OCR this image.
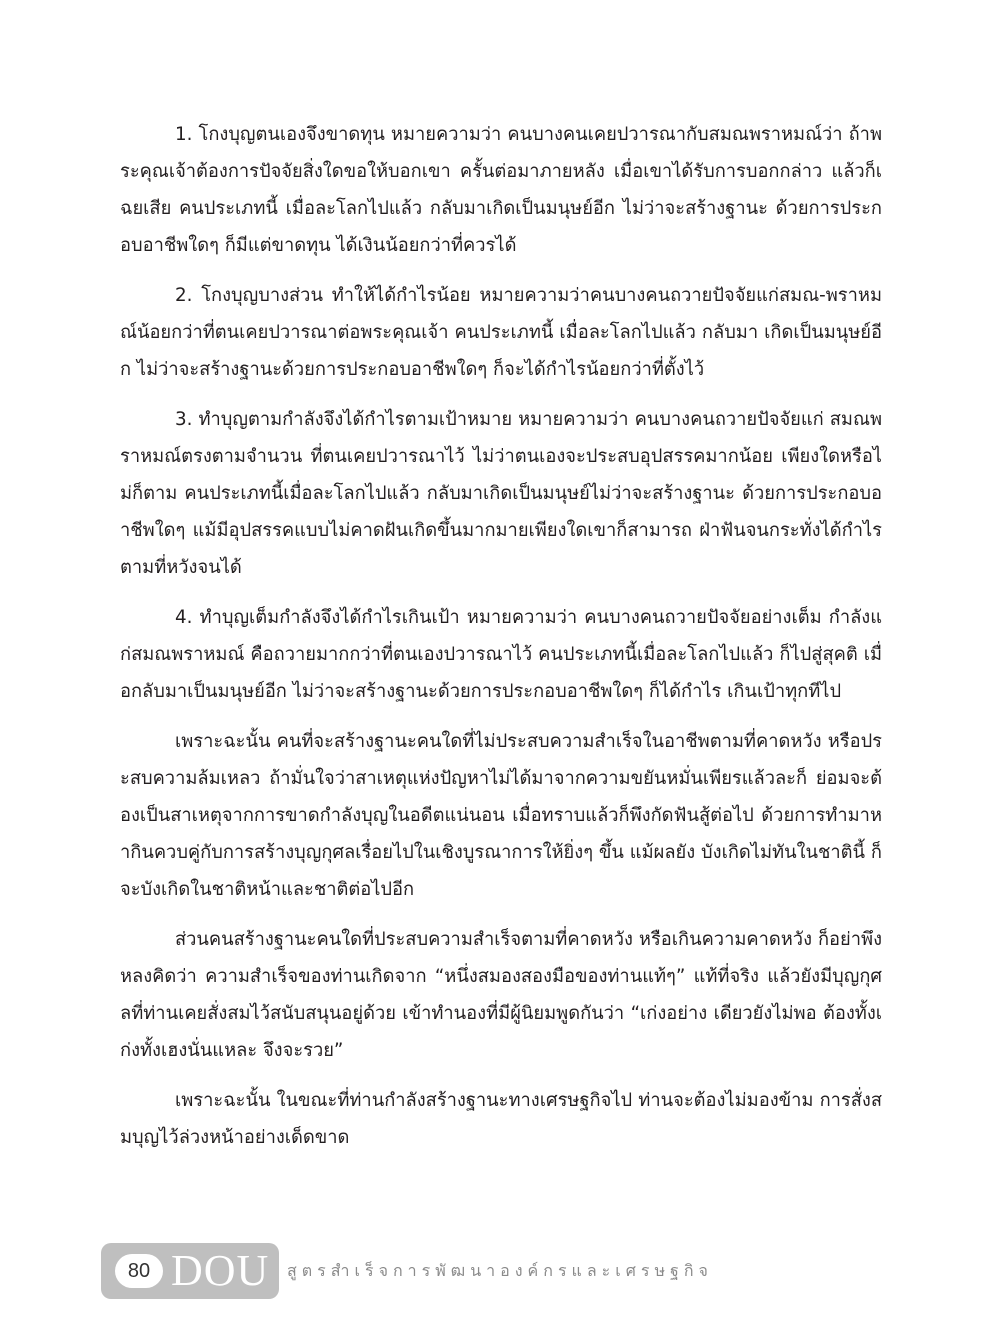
1. โกงบุญตนเองจึงขาดทุน หมายความว่า คนบางคนเคยปวารณากับสมณพราหมณ์ว่า ถ้าพระคุณเจ้าต้องการปัจจัยสิ่งใดขอให้บอกเขา ครั้นต่อมาภายหลัง เมื่อเขาได้รับการบอกกล่าว แล้วก็เฉยเสีย คนประเภทนี้ เมื่อละโลกไปแล้ว กลับมาเกิดเป็นมนุษย์อีก ไม่ว่าจะสร้างฐานะ ด้วยการประกอบอาชีพใดๆ ก็มีแต่ขาดทุน ได้เงินน้อยกว่าที่ควรได้

2. โกงบุญบางส่วน ทำให้ได้กำไรน้อย หมายความว่าคนบางคนถวายปัจจัยแก่สมณ-พราหมณ์น้อยกว่าที่ตนเคยปวารณาต่อพระคุณเจ้า คนประเภทนี้ เมื่อละโลกไปแล้ว กลับมา เกิดเป็นมนุษย์อีก ไม่ว่าจะสร้างฐานะด้วยการประกอบอาชีพใดๆ ก็จะได้กำไรน้อยกว่าที่ตั้งไว้

3. ทำบุญตามกำลังจึงได้กำไรตามเป้าหมาย หมายความว่า คนบางคนถวายปัจจัยแก่ สมณพราหมณ์ตรงตามจำนวน ที่ตนเคยปวารณาไว้ ไม่ว่าตนเองจะประสบอุปสรรคมากน้อย เพียงใดหรือไม่ก็ตาม คนประเภทนี้เมื่อละโลกไปแล้ว กลับมาเกิดเป็นมนุษย์ไม่ว่าจะสร้างฐานะ ด้วยการประกอบอาชีพใดๆ แม้มีอุปสรรคแบบไม่คาดฝันเกิดขึ้นมากมายเพียงใดเขาก็สามารถ ฝ่าฟันจนกระทั่งได้กำไร ตามที่หวังจนได้

4. ทำบุญเต็มกำลังจึงได้กำไรเกินเป้า หมายความว่า คนบางคนถวายปัจจัยอย่างเต็ม กำลังแก่สมณพราหมณ์ คือถวายมากกว่าที่ตนเองปวารณาไว้ คนประเภทนี้เมื่อละโลกไปแล้ว ก็ไปสู่สุคติ เมื่อกลับมาเป็นมนุษย์อีก ไม่ว่าจะสร้างฐานะด้วยการประกอบอาชีพใดๆ ก็ได้กำไร เกินเป้าทุกทีไป

เพราะฉะนั้น คนที่จะสร้างฐานะคนใดที่ไม่ประสบความสำเร็จในอาชีพตามที่คาดหวัง หรือประสบความล้มเหลว ถ้ามั่นใจว่าสาเหตุแห่งปัญหาไม่ได้มาจากความขยันหมั่นเพียรแล้วละก็ ย่อมจะต้องเป็นสาเหตุจากการขาดกำลังบุญในอดีตแน่นอน เมื่อทราบแล้วก็พึงกัดฟันสู้ต่อไป ด้วยการทำมาหากินควบคู่กับการสร้างบุญกุศลเรื่อยไปในเชิงบูรณาการให้ยิ่งๆ ขึ้น แม้ผลยัง บังเกิดไม่ทันในชาตินี้ ก็จะบังเกิดในชาติหน้าและชาติต่อไปอีก

ส่วนคนสร้างฐานะคนใดที่ประสบความสำเร็จตามที่คาดหวัง หรือเกินความคาดหวัง ก็อย่าพึงหลงคิดว่า ความสำเร็จของท่านเกิดจาก “หนึ่งสมองสองมือของท่านแท้ๆ” แท้ที่จริง แล้วยังมีบุญกุศลที่ท่านเคยสั่งสมไว้สนับสนุนอยู่ด้วย เข้าทำนองที่มีผู้นิยมพูดกันว่า “เก่งอย่าง เดียวยังไม่พอ ต้องทั้งเก่งทั้งเฮงนั่นแหละ จึงจะรวย”

เพราะฉะนั้น ในขณะที่ท่านกำลังสร้างฐานะทางเศรษฐกิจไป ท่านจะต้องไม่มองข้าม การสั่งสมบุญไว้ล่วงหน้าอย่างเด็ดขาด

80 DOU สูตรสำเร็จการพัฒนาองค์กรและเศรษฐกิจ
